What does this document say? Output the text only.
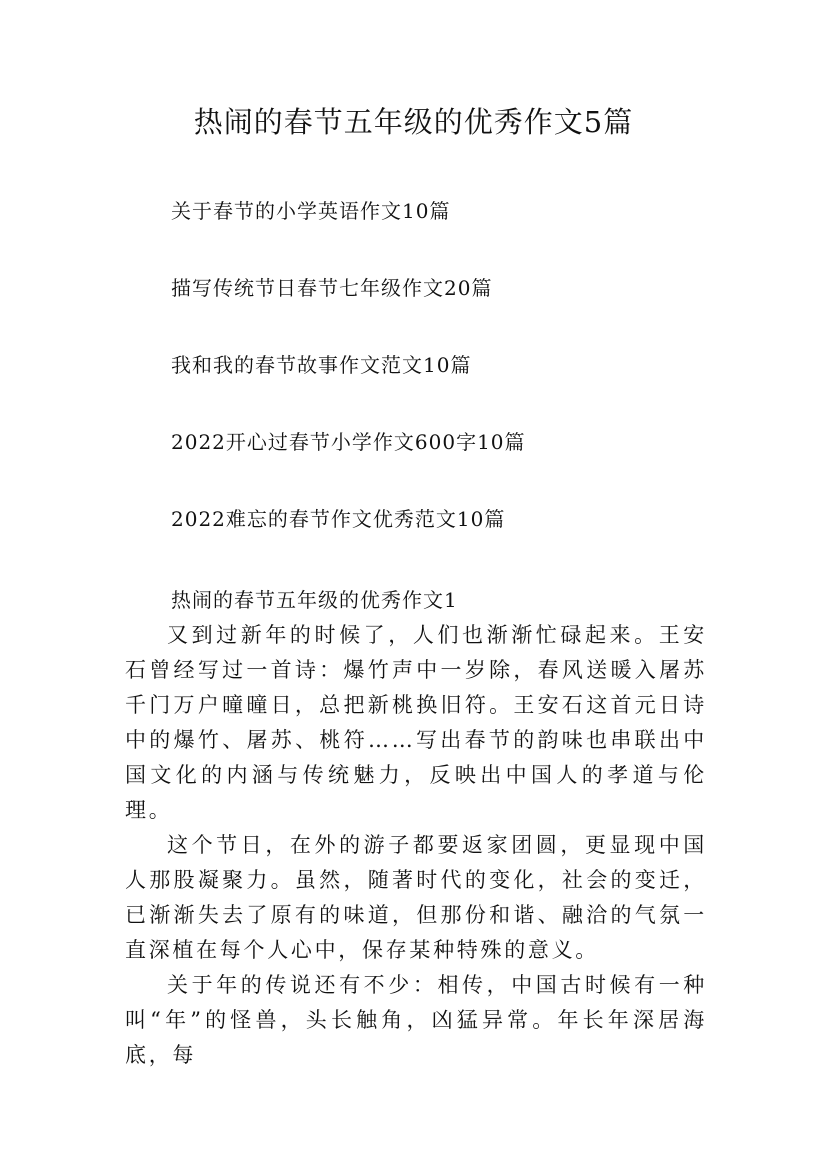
热闹的春节五年级的优秀作文5篇
关于春节的小学英语作文10篇
描写传统节日春节七年级作文20篇
我和我的春节故事作文范文10篇
2022开心过春节小学作文600字10篇
2022难忘的春节作文优秀范文10篇
热闹的春节五年级的优秀作文1

又到过新年的时候了，人们也渐渐忙碌起来。王安石曾经写过一首诗：爆竹声中一岁除，春风送暖入屠苏千门万户曈曈日，总把新桃换旧符。王安石这首元日诗中的爆竹、屠苏、桃符……写出春节的韵味也串联出中国文化的内涵与传统魅力，反映出中国人的孝道与伦理。

这个节日，在外的游子都要返家团圆，更显现中国人那股凝聚力。虽然，随著时代的变化，社会的变迁，已渐渐失去了原有的味道，但那份和谐、融洽的气氛一直深植在每个人心中，保存某种特殊的意义。

关于年的传说还有不少：相传，中国古时候有一种叫“年”的怪兽，头长触角，凶猛异常。年长年深居海底，每
